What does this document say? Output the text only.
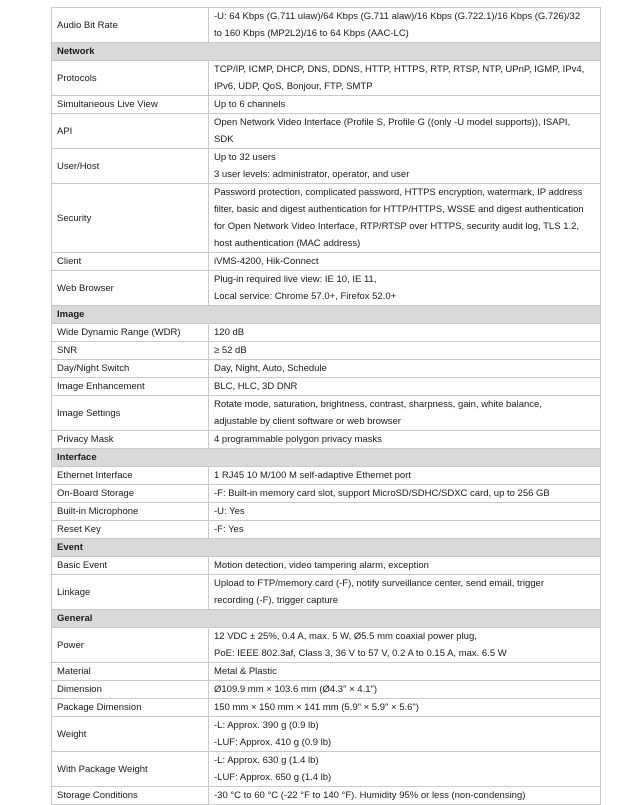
Audio Bit Rate	-U: 64 Kbps (G.711 ulaw)/64 Kbps (G.711 alaw)/16 Kbps (G.722.1)/16 Kbps (G.726)/32
to 160 Kbps (MP2L2)/16 to 64 Kbps (AAC-LC)

Network	
Protocols	TCP/IP, ICMP, DHCP, DNS, DDNS, HTTP, HTTPS, RTP, RTSP, NTP, UPnP, IGMP, IPv4,
IPv6, UDP, QoS, Bonjour, FTP, SMTP

Simultaneous Live View	Up to 6 channels

API	Open Network Video Interface (Profile S, Profile G ((only -U model supports)), ISAPI,
SDK

User/Host	Up to 32 users
3 user levels: administrator, operator, and user

Security	Password protection, complicated password, HTTPS encryption, watermark, IP address
filter, basic and digest authentication for HTTP/HTTPS, WSSE and digest authentication
for Open Network Video Interface, RTP/RTSP over HTTPS, security audit log, TLS 1.2,
host authentication (MAC address)

Client	iVMS-4200, Hik-Connect

Web Browser	Plug-in required live view: IE 10, IE 11,
Local service: Chrome 57.0+, Firefox 52.0+

Image	
Wide Dynamic Range (WDR)	120 dB

SNR	≥ 52 dB

Day/Night Switch	Day, Night, Auto, Schedule

Image Enhancement	BLC, HLC, 3D DNR

Image Settings	Rotate mode, saturation, brightness, contrast, sharpness, gain, white balance,
adjustable by client software or web browser

Privacy Mask	4 programmable polygon privacy masks

Interface	
Ethernet Interface	1 RJ45 10 M/100 M self-adaptive Ethernet port

On-Board Storage	-F: Built-in memory card slot, support MicroSD/SDHC/SDXC card, up to 256 GB

Built-in Microphone	-U: Yes

Reset Key	-F: Yes

Event	
Basic Event	Motion detection, video tampering alarm, exception

Linkage	Upload to FTP/memory card (-F), notify surveillance center, send email, trigger
recording (-F), trigger capture

General	
Power	12 VDC ± 25%, 0.4 A, max. 5 W, Ø5.5 mm coaxial power plug,
PoE: IEEE 802.3af, Class 3, 36 V to 57 V, 0.2 A to 0.15 A, max. 6.5 W

Material	Metal & Plastic

Dimension	Ø109.9 mm × 103.6 mm (Ø4.3" × 4.1")

Package Dimension	150 mm × 150 mm × 141 mm (5.9" × 5.9" × 5.6")

Weight	-L: Approx. 390 g (0.9 lb)
-LUF: Approx. 410 g (0.9 lb)

With Package Weight	-L: Approx. 630 g (1.4 lb)
-LUF: Approx. 650 g (1.4 lb)

Storage Conditions	-30 °C to 60 °C (-22 °F to 140 °F). Humidity 95% or less (non-condensing)
